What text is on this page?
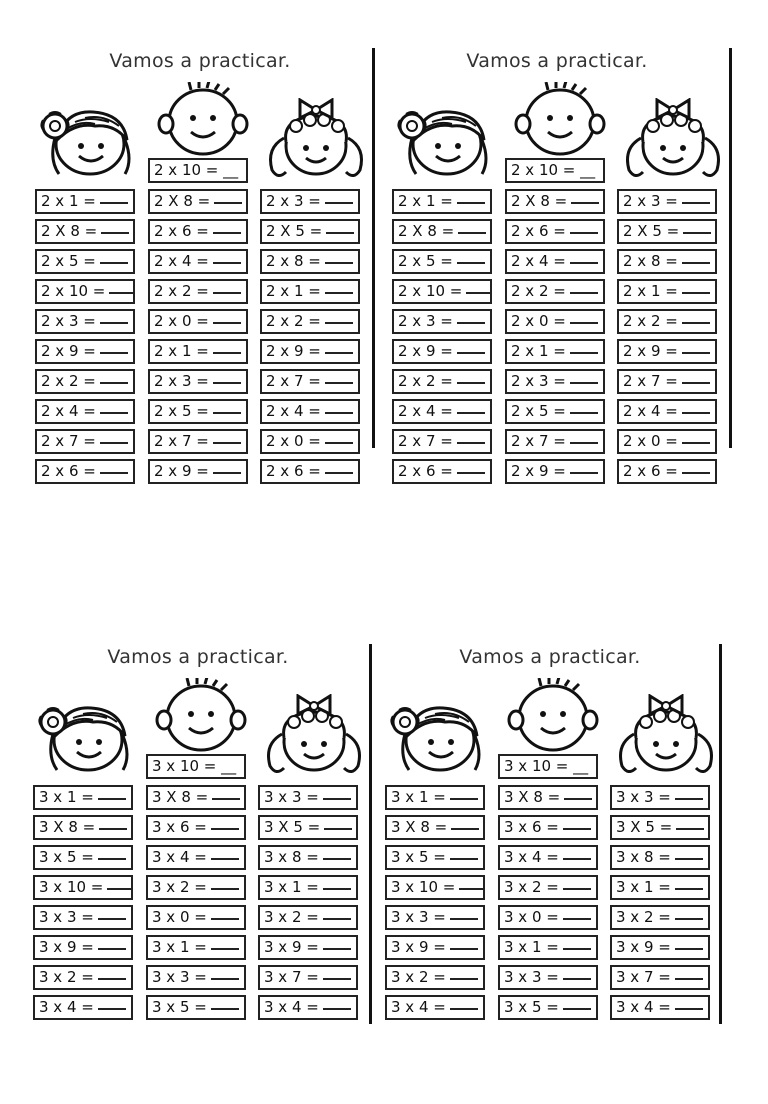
Vamos a practicar.
2 x 10 = __
2 x 1 =
2 X 8 =
2 x 5 =
2 x 10 =
2 x 3 =
2 x 9 =
2 x 2 =
2 x 4 =
2 x 7 =
2 x 6 =
2 X 8 =
2 x 6 =
2 x 4 =
2 x 2 =
2 x 0 =
2 x 1 =
2 x 3 =
2 x 5 =
2 x 7 =
2 x 9 =
2 x 3 =
2 X 5 =
2 x 8 =
2 x 1 =
2 x 2 =
2 x 9 =
2 x 7 =
2 x 4 =
2 x 0 =
2 x 6 =
Vamos a practicar.
2 x 10 = __
2 x 1 =
2 X 8 =
2 x 5 =
2 x 10 =
2 x 3 =
2 x 9 =
2 x 2 =
2 x 4 =
2 x 7 =
2 x 6 =
2 X 8 =
2 x 6 =
2 x 4 =
2 x 2 =
2 x 0 =
2 x 1 =
2 x 3 =
2 x 5 =
2 x 7 =
2 x 9 =
2 x 3 =
2 X 5 =
2 x 8 =
2 x 1 =
2 x 2 =
2 x 9 =
2 x 7 =
2 x 4 =
2 x 0 =
2 x 6 =
Vamos a practicar.
3 x 10 = __
3 x 1 =
3 X 8 =
3 x 5 =
3 x 10 =
3 x 3 =
3 x 9 =
3 x 2 =
3 x 4 =
3 X 8 =
3 x 6 =
3 x 4 =
3 x 2 =
3 x 0 =
3 x 1 =
3 x 3 =
3 x 5 =
3 x 3 =
3 X 5 =
3 x 8 =
3 x 1 =
3 x 2 =
3 x 9 =
3 x 7 =
3 x 4 =
Vamos a practicar.
3 x 10 = __
3 x 1 =
3 X 8 =
3 x 5 =
3 x 10 =
3 x 3 =
3 x 9 =
3 x 2 =
3 x 4 =
3 X 8 =
3 x 6 =
3 x 4 =
3 x 2 =
3 x 0 =
3 x 1 =
3 x 3 =
3 x 5 =
3 x 3 =
3 X 5 =
3 x 8 =
3 x 1 =
3 x 2 =
3 x 9 =
3 x 7 =
3 x 4 =
